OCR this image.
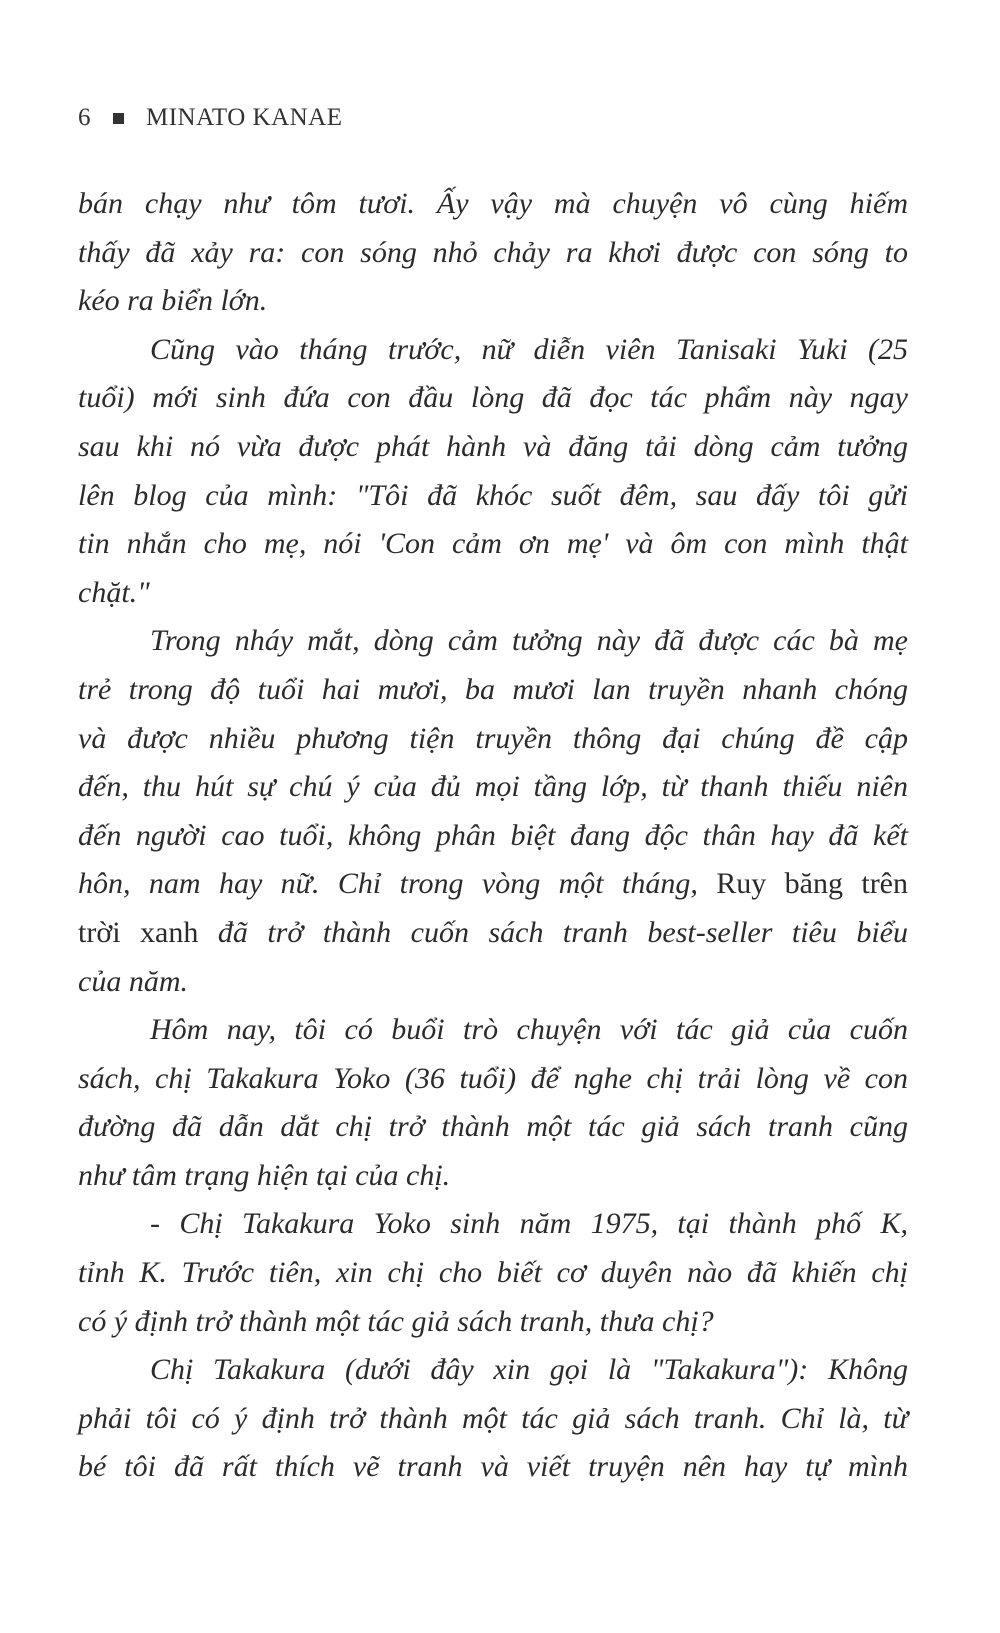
6 MINATO KANAE
bán chạy như tôm tươi. Ấy vậy mà chuyện vô cùng hiếm
thấy đã xảy ra: con sóng nhỏ chảy ra khơi được con sóng to
kéo ra biển lớn.
Cũng vào tháng trước, nữ diễn viên Tanisaki Yuki (25
tuổi) mới sinh đứa con đầu lòng đã đọc tác phẩm này ngay
sau khi nó vừa được phát hành và đăng tải dòng cảm tưởng
lên blog của mình: "Tôi đã khóc suốt đêm, sau đấy tôi gửi
tin nhắn cho mẹ, nói 'Con cảm ơn mẹ' và ôm con mình thật
chặt."
Trong nháy mắt, dòng cảm tưởng này đã được các bà mẹ
trẻ trong độ tuổi hai mươi, ba mươi lan truyền nhanh chóng
và được nhiều phương tiện truyền thông đại chúng đề cập
đến, thu hút sự chú ý của đủ mọi tầng lớp, từ thanh thiếu niên
đến người cao tuổi, không phân biệt đang độc thân hay đã kết
hôn, nam hay nữ. Chỉ trong vòng một tháng, Ruy băng trên
trời xanh đã trở thành cuốn sách tranh best-seller tiêu biểu
của năm.
Hôm nay, tôi có buổi trò chuyện với tác giả của cuốn
sách, chị Takakura Yoko (36 tuổi) để nghe chị trải lòng về con
đường đã dẫn dắt chị trở thành một tác giả sách tranh cũng
như tâm trạng hiện tại của chị.
- Chị Takakura Yoko sinh năm 1975, tại thành phố K,
tỉnh K. Trước tiên, xin chị cho biết cơ duyên nào đã khiến chị
có ý định trở thành một tác giả sách tranh, thưa chị?
Chị Takakura (dưới đây xin gọi là "Takakura"): Không
phải tôi có ý định trở thành một tác giả sách tranh. Chỉ là, từ
bé tôi đã rất thích vẽ tranh và viết truyện nên hay tự mình
